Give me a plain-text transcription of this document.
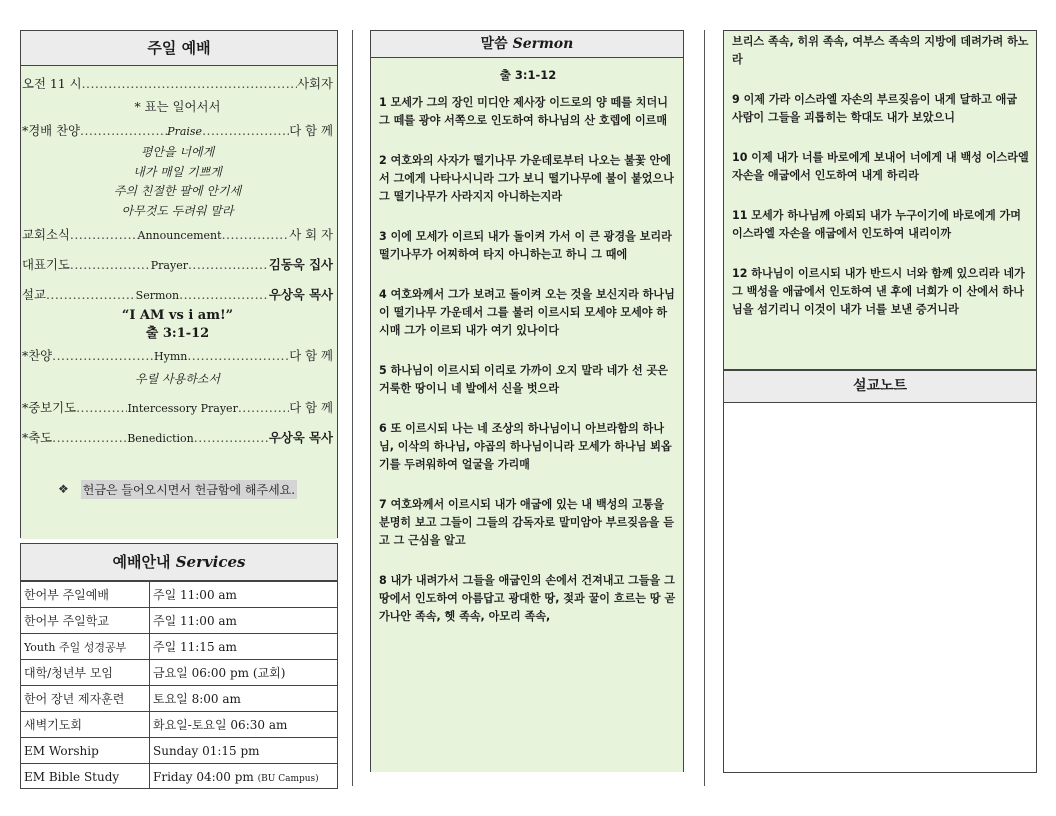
주일 예배
오전 11 시 .....	사회자
* 표는 일어서서
*경배 찬양 .....	Praise .....	다 함 께
평안을 너에게
내가 매일 기쁘게
주의 친절한 팔에 안기세
아무것도 두려워 말라
교회소식 .....	Announcement .....	사 회 자
대표기도 .....	Prayer .....	김동욱 집사
설교 .....	Sermon .....	우상욱 목사
“I AM vs i am!”
출 3:1-12
*찬양 .....	Hymn .....	다 함 께
우릴 사용하소서
*중보기도 .....	Intercessory Prayer .....	다 함 께
*축도 .....	Benediction .....	우상욱 목사
❖ 헌금은 들어오시면서 헌금함에 해주세요.
예배안내 Services
한어부 주일예배	주일 11:00 am
한어부 주일학교	주일 11:00 am
Youth 주일 성경공부	주일 11:15 am
대학/청년부 모임	금요일 06:00 pm (교회)
한어 장년 제자훈련	토요일 8:00 am
새벽기도회	화요일-토요일 06:30 am
EM Worship	Sunday 01:15 pm
EM Bible Study	Friday 04:00 pm (BU Campus)
말씀 Sermon
출 3:1-12

1 모세가 그의 장인 미디안 제사장 이드로의 양 떼를 치더니 그 떼를 광야 서쪽으로 인도하여 하나님의 산 호렙에 이르매

2 여호와의 사자가 떨기나무 가운데로부터 나오는 불꽃 안에서 그에게 나타나시니라 그가 보니 떨기나무에 불이 붙었으나 그 떨기나무가 사라지지 아니하는지라

3 이에 모세가 이르되 내가 돌이켜 가서 이 큰 광경을 보리라 떨기나무가 어찌하여 타지 아니하는고 하니 그 때에

4 여호와께서 그가 보려고 돌이켜 오는 것을 보신지라 하나님이 떨기나무 가운데서 그를 불러 이르시되 모세야 모세야 하시매 그가 이르되 내가 여기 있나이다

5 하나님이 이르시되 이리로 가까이 오지 말라 네가 선 곳은 거룩한 땅이니 네 발에서 신을 벗으라

6 또 이르시되 나는 네 조상의 하나님이니 아브라함의 하나님, 이삭의 하나님, 야곱의 하나님이니라 모세가 하나님 뵈옵기를 두려워하여 얼굴을 가리매

7 여호와께서 이르시되 내가 애굽에 있는 내 백성의 고통을 분명히 보고 그들이 그들의 감독자로 말미암아 부르짖음을 듣고 그 근심을 알고

8 내가 내려가서 그들을 애굽인의 손에서 건져내고 그들을 그 땅에서 인도하여 아름답고 광대한 땅, 젖과 꿀이 흐르는 땅 곧 가나안 족속, 헷 족속, 아모리 족속,

브리스 족속, 히위 족속, 여부스 족속의 지방에 데려가려 하노라

9 이제 가라 이스라엘 자손의 부르짖음이 내게 달하고 애굽 사람이 그들을 괴롭히는 학대도 내가 보았으니

10 이제 내가 너를 바로에게 보내어 너에게 내 백성 이스라엘 자손을 애굽에서 인도하여 내게 하리라

11 모세가 하나님께 아뢰되 내가 누구이기에 바로에게 가며 이스라엘 자손을 애굽에서 인도하여 내리이까

12 하나님이 이르시되 내가 반드시 너와 함께 있으리라 네가 그 백성을 애굽에서 인도하여 낸 후에 너희가 이 산에서 하나님을 섬기리니 이것이 내가 너를 보낸 증거니라

설교노트
